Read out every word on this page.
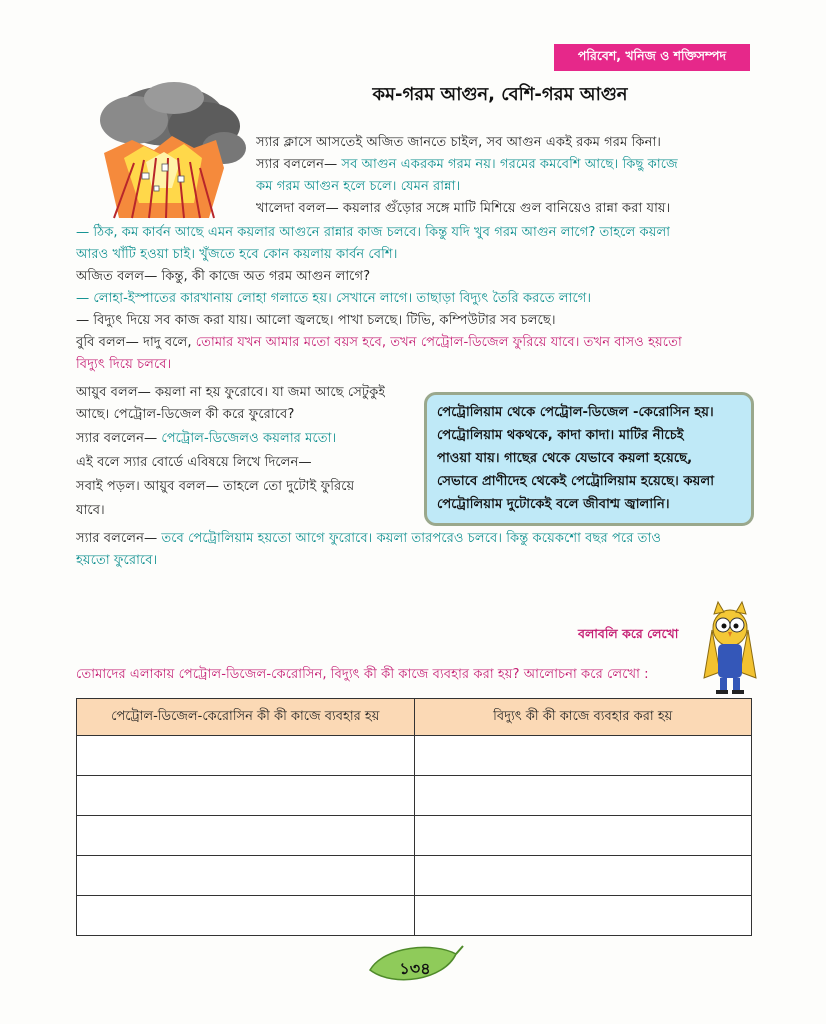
পরিবেশ, খনিজ ও শক্তিসম্পদ
কম-গরম আগুন, বেশি-গরম আগুন
স্যার ক্লাসে আসতেই অজিত জানতে চাইল, সব আগুন একই রকম গরম কিনা।
স্যার বললেন— সব আগুন একরকম গরম নয়। গরমের কমবেশি আছে। কিছু কাজে
কম গরম আগুন হলে চলে। যেমন রান্না।
খালেদা বলল— কয়লার গুঁড়োর সঙ্গে মাটি মিশিয়ে গুল বানিয়েও রান্না করা যায়।
— ঠিক, কম কার্বন আছে এমন কয়লার আগুনে রান্নার কাজ চলবে। কিন্তু যদি খুব গরম আগুন লাগে? তাহলে কয়লা
আরও খাঁটি হওয়া চাই। খুঁজতে হবে কোন কয়লায় কার্বন বেশি।
অজিত বলল— কিন্তু, কী কাজে অত গরম আগুন লাগে?
— লোহা-ইস্পাতের কারখানায় লোহা গলাতে হয়। সেখানে লাগে। তাছাড়া বিদ্যুৎ তৈরি করতে লাগে।
— বিদ্যুৎ দিয়ে সব কাজ করা যায়। আলো জ্বলছে। পাখা চলছে। টিভি, কম্পিউটার সব চলছে।
বুবি বলল— দাদু বলে, তোমার যখন আমার মতো বয়স হবে, তখন পেট্রোল-ডিজেল ফুরিয়ে যাবে। তখন বাসও হয়তো
বিদ্যুৎ দিয়ে চলবে।
আয়ুব বলল— কয়লা না হয় ফুরোবে। যা জমা আছে সেটুকুই
আছে। পেট্রোল-ডিজেল কী করে ফুরোবে?
স্যার বললেন— পেট্রোল-ডিজেলও কয়লার মতো।
এই বলে স্যার বোর্ডে এবিষয়ে লিখে দিলেন—
সবাই পড়ল। আয়ুব বলল— তাহলে তো দুটোই ফুরিয়ে
যাবে।
স্যার বললেন— তবে পেট্রোলিয়াম হয়তো আগে ফুরোবে। কয়লা তারপরেও চলবে। কিন্তু কয়েকশো বছর পরে তাও
হয়তো ফুরোবে।
পেট্রোলিয়াম থেকে পেট্রোল-ডিজেল -কেরোসিন হয়।
পেট্রোলিয়াম থকথকে, কাদা কাদা। মাটির নীচেই
পাওয়া যায়। গাছের থেকে যেভাবে কয়লা হয়েছে,
সেভাবে প্রাণীদেহ থেকেই পেট্রোলিয়াম হয়েছে। কয়লা
পেট্রোলিয়াম দুটোকেই বলে জীবাশ্ম জ্বালানি।
বলাবলি করে লেখো
তোমাদের এলাকায় পেট্রোল-ডিজেল-কেরোসিন, বিদ্যুৎ কী কী কাজে ব্যবহার করা হয়? আলোচনা করে লেখো :
পেট্রোল-ডিজেল-কেরোসিন কী কী কাজে ব্যবহার হয়	বিদ্যুৎ কী কী কাজে ব্যবহার করা হয়

১৩৪
